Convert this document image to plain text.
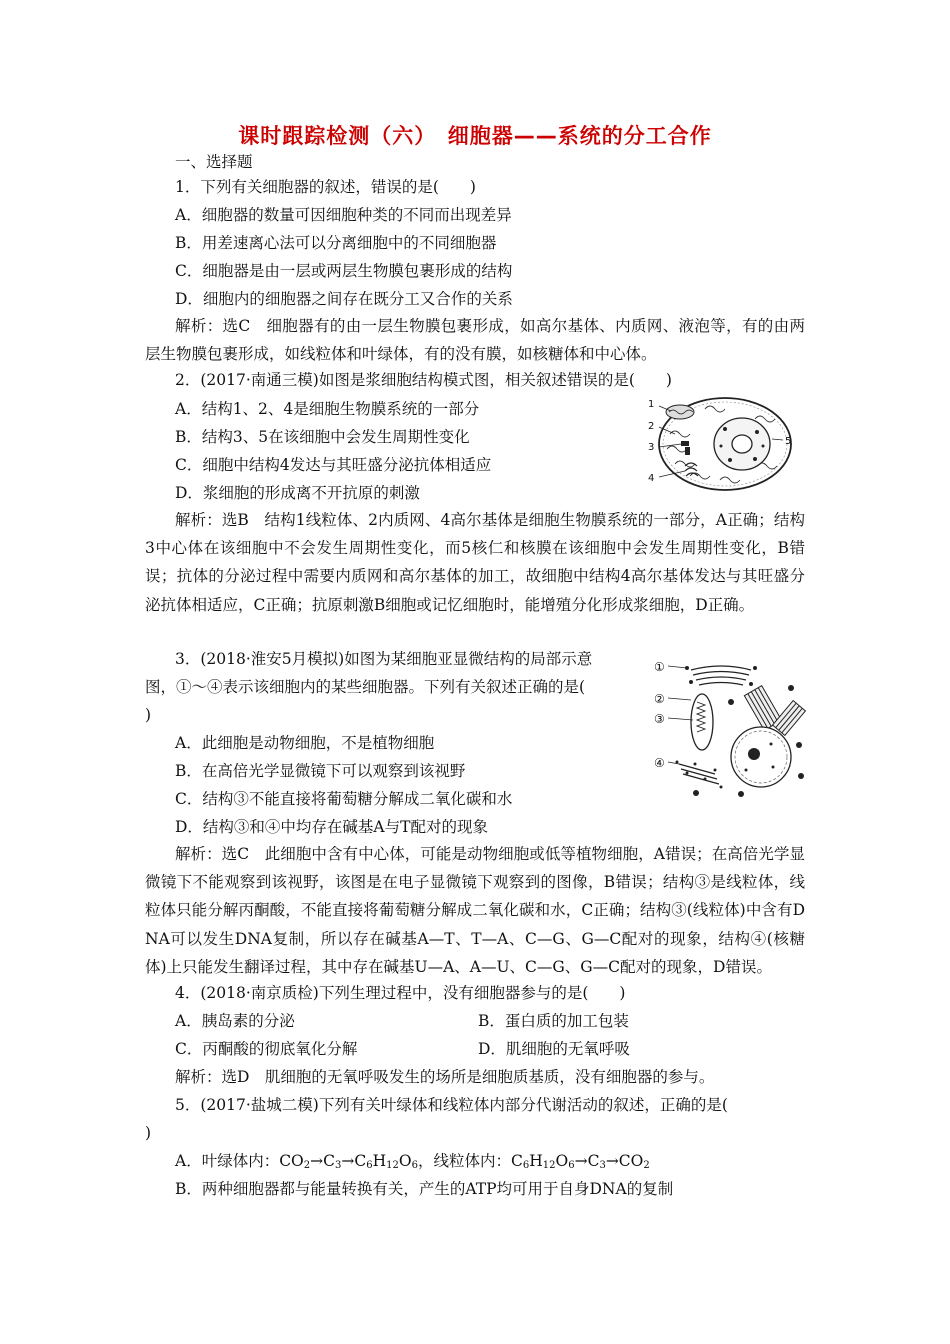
课时跟踪检测（六）　细胞器——系统的分工合作
一、选择题
1．下列有关细胞器的叙述，错误的是(　　)
A．细胞器的数量可因细胞种类的不同而出现差异
B．用差速离心法可以分离细胞中的不同细胞器
C．细胞器是由一层或两层生物膜包裹形成的结构
D．细胞内的细胞器之间存在既分工又合作的关系
解析：选C　细胞器有的由一层生物膜包裹形成，如高尔基体、内质网、液泡等，有的由两层生物膜包裹形成，如线粒体和叶绿体，有的没有膜，如核糖体和中心体。
2．(2017·南通三模)如图是浆细胞结构模式图，相关叙述错误的是(　　)
A．结构1、2、4是细胞生物膜系统的一部分
B．结构3、5在该细胞中会发生周期性变化
C．细胞中结构4发达与其旺盛分泌抗体相适应
D．浆细胞的形成离不开抗原的刺激
1
2
3
4
5
解析：选B　结构1线粒体、2内质网、4高尔基体是细胞生物膜系统的一部分，A正确；结构3中心体在该细胞中不会发生周期性变化，而5核仁和核膜在该细胞中会发生周期性变化，B错误；抗体的分泌过程中需要内质网和高尔基体的加工，故细胞中结构4高尔基体发达与其旺盛分泌抗体相适应，C正确；抗原刺激B细胞或记忆细胞时，能增殖分化形成浆细胞，D正确。
3．(2018·淮安5月模拟)如图为某细胞亚显微结构的局部示意
图，①～④表示该细胞内的某些细胞器。下列有关叙述正确的是(
)
A．此细胞是动物细胞，不是植物细胞
B．在高倍光学显微镜下可以观察到该视野
C．结构③不能直接将葡萄糖分解成二氧化碳和水
D．结构③和④中均存在碱基A与T配对的现象
①
②
③
④
解析：选C　此细胞中含有中心体，可能是动物细胞或低等植物细胞，A错误；在高倍光学显微镜下不能观察到该视野，该图是在电子显微镜下观察到的图像，B错误；结构③是线粒体，线粒体只能分解丙酮酸，不能直接将葡萄糖分解成二氧化碳和水，C正确；结构③(线粒体)中含有DNA可以发生DNA复制，所以存在碱基A—T、T—A、C—G、G—C配对的现象，结构④(核糖体)上只能发生翻译过程，其中存在碱基U—A、A—U、C—G、G—C配对的现象，D错误。
4．(2018·南京质检)下列生理过程中，没有细胞器参与的是(　　)
A．胰岛素的分泌	B．蛋白质的加工包装
C．丙酮酸的彻底氧化分解	D．肌细胞的无氧呼吸
解析：选D　肌细胞的无氧呼吸发生的场所是细胞质基质，没有细胞器的参与。
5．(2017·盐城二模)下列有关叶绿体和线粒体内部分代谢活动的叙述，正确的是(
)
A．叶绿体内：$CO_2\to C_3\to C_6H_{12}O_6$，线粒体内：$C_6H_{12}O_6\to C_3\to CO_2$
B．两种细胞器都与能量转换有关，产生的ATP均可用于自身DNA的复制
